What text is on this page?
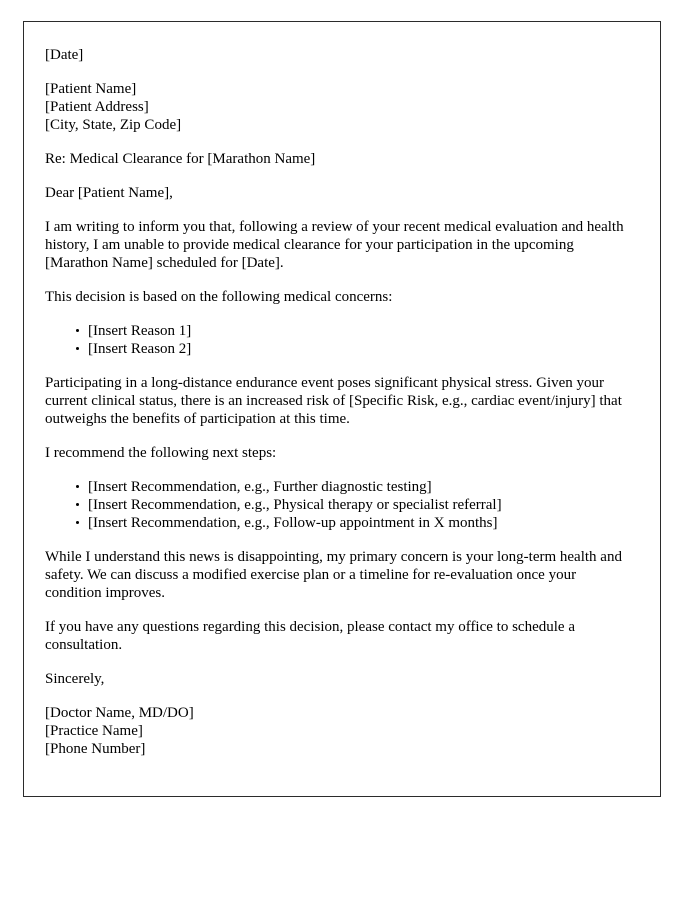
[Date]
[Patient Name]
[Patient Address]
[City, State, Zip Code]

Re: Medical Clearance for [Marathon Name]

Dear [Patient Name],

I am writing to inform you that, following a review of your recent medical evaluation and health history, I am unable to provide medical clearance for your participation in the upcoming [Marathon Name] scheduled for [Date].

This decision is based on the following medical concerns:

[Insert Reason 1]
[Insert Reason 2]

Participating in a long-distance endurance event poses significant physical stress. Given your current clinical status, there is an increased risk of [Specific Risk, e.g., cardiac event/injury] that outweighs the benefits of participation at this time.

I recommend the following next steps:

[Insert Recommendation, e.g., Further diagnostic testing]
[Insert Recommendation, e.g., Physical therapy or specialist referral]
[Insert Recommendation, e.g., Follow-up appointment in X months]

While I understand this news is disappointing, my primary concern is your long-term health and safety. We can discuss a modified exercise plan or a timeline for re-evaluation once your condition improves.

If you have any questions regarding this decision, please contact my office to schedule a consultation.

Sincerely,

[Doctor Name, MD/DO]
[Practice Name]
[Phone Number]
